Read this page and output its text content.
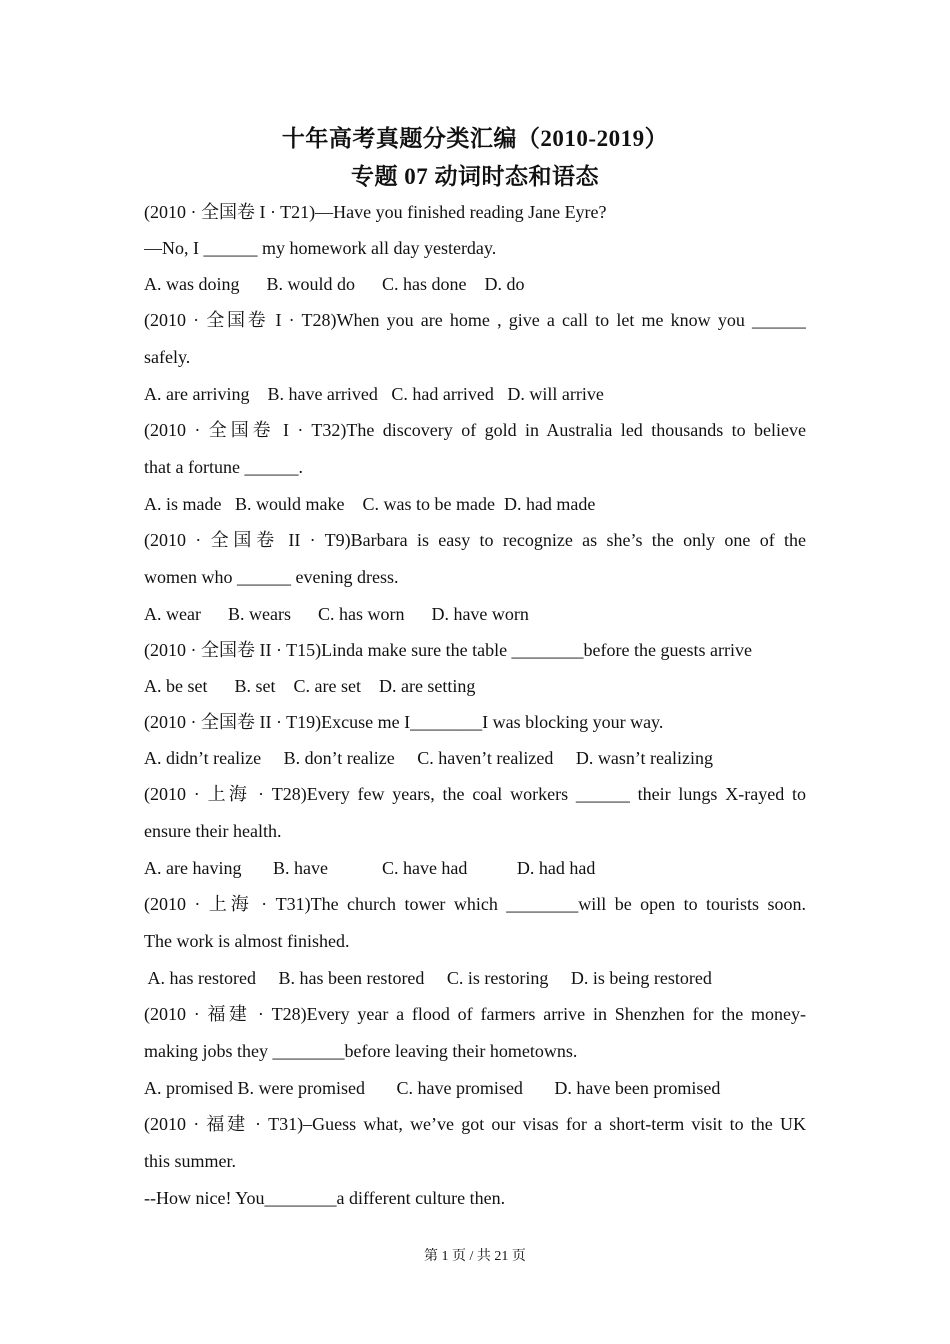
十年高考真题分类汇编（2010-2019）
专题 07 动词时态和语态
(2010 · 全国卷 I · T21)—Have you finished reading Jane Eyre?
—No, I ______ my homework all day yesterday.
A. was doing      B. would do      C. has done    D. do
(2010 · 全国卷 I · T28)When you are home , give a call to let me know you ______
safely.
A. are arriving    B. have arrived   C. had arrived   D. will arrive
(2010 · 全国卷 I · T32)The discovery of gold in Australia led thousands to believe
that a fortune ______.
A. is made   B. would make    C. was to be made  D. had made
(2010 · 全国卷 II · T9)Barbara is easy to recognize as she’s the only one of the
women who ______ evening dress.
A. wear      B. wears      C. has worn      D. have worn
(2010 · 全国卷 II · T15)Linda make sure the table ________before the guests arrive
A. be set      B. set    C. are set    D. are setting
(2010 · 全国卷 II · T19)Excuse me I________I was blocking your way.
A. didn’t realize     B. don’t realize     C. haven’t realized     D. wasn’t realizing
(2010 · 上海 · T28)Every few years, the coal workers ______ their lungs X-rayed to
ensure their health.
A. are having       B. have            C. have had           D. had had
(2010 · 上海 · T31)The church tower which ________will be open to tourists soon.
The work is almost finished.
A. has restored     B. has been restored     C. is restoring     D. is being restored
(2010 · 福建 · T28)Every year a flood of farmers arrive in Shenzhen for the money-
making jobs they ________before leaving their hometowns.
A. promised B. were promised       C. have promised       D. have been promised
(2010 · 福建 · T31)–Guess what, we’ve got our visas for a short-term visit to the UK
this summer.
--How nice! You________a different culture then.
第 1 页 / 共 21 页
